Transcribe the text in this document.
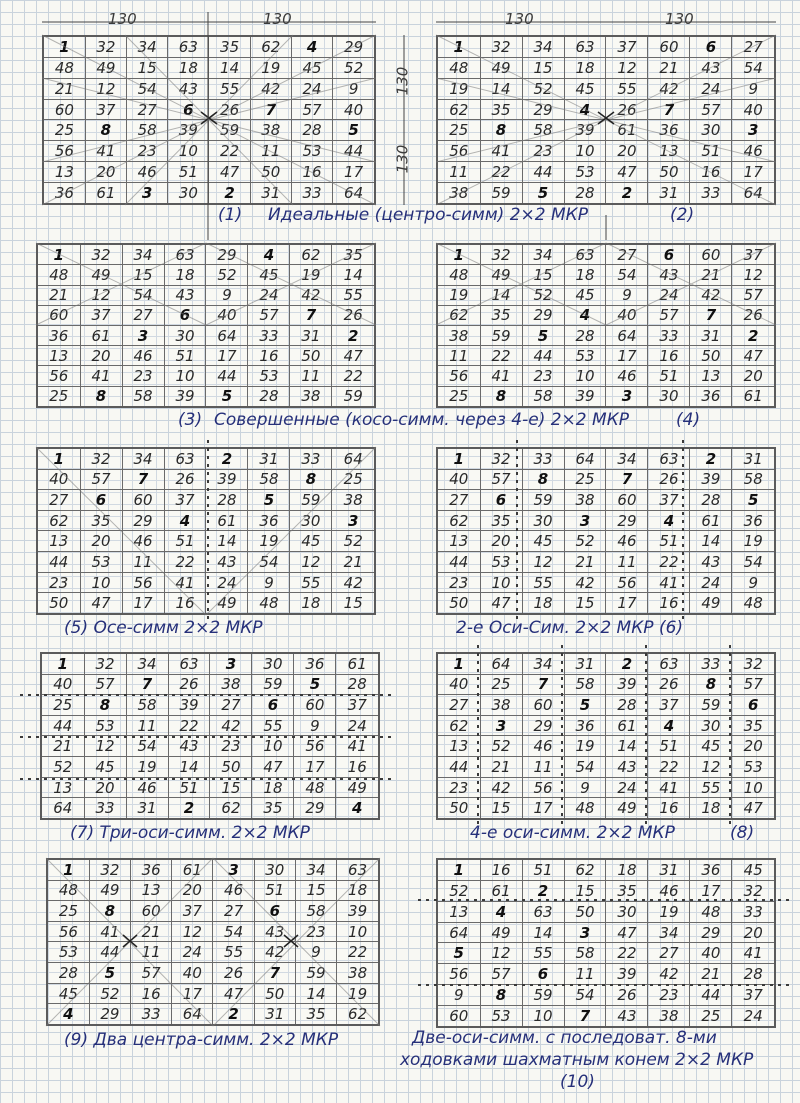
130	130	130	130
130
130
1	32	34	63	35	62	4	29
48	49	15	18	14	19	45	52
21	12	54	43	55	42	24	9
60	37	27	6	26	7	57	40
25	8	58	39	59	38	28	5
56	41	23	10	22	11	53	44
13	20	46	51	47	50	16	17
36	61	3	30	2	31	33	64
1	32	34	63	37	60	6	27
48	49	15	18	12	21	43	54
19	14	52	45	55	42	24	9
62	35	29	4	26	7	57	40
25	8	58	39	61	36	30	3
56	41	23	10	20	13	51	46
11	22	44	53	47	50	16	17
38	59	5	28	2	31	33	64
1	32	34	63	29	4	62	35
48	49	15	18	52	45	19	14
21	12	54	43	9	24	42	55
60	37	27	6	40	57	7	26
36	61	3	30	64	33	31	2
13	20	46	51	17	16	50	47
56	41	23	10	44	53	11	22
25	8	58	39	5	28	38	59
1	32	34	63	27	6	60	37
48	49	15	18	54	43	21	12
19	14	52	45	9	24	42	57
62	35	29	4	40	57	7	26
38	59	5	28	64	33	31	2
11	22	44	53	17	16	50	47
56	41	23	10	46	51	13	20
25	8	58	39	3	30	36	61
1	32	34	63	2	31	33	64
40	57	7	26	39	58	8	25
27	6	60	37	28	5	59	38
62	35	29	4	61	36	30	3
13	20	46	51	14	19	45	52
44	53	11	22	43	54	12	21
23	10	56	41	24	9	55	42
50	47	17	16	49	48	18	15
1	32	33	64	34	63	2	31
40	57	8	25	7	26	39	58
27	6	59	38	60	37	28	5
62	35	30	3	29	4	61	36
13	20	45	52	46	51	14	19
44	53	12	21	11	22	43	54
23	10	55	42	56	41	24	9
50	47	18	15	17	16	49	48
1	32	34	63	3	30	36	61
40	57	7	26	38	59	5	28
25	8	58	39	27	6	60	37
44	53	11	22	42	55	9	24
21	12	54	43	23	10	56	41
52	45	19	14	50	47	17	16
13	20	46	51	15	18	48	49
64	33	31	2	62	35	29	4
1	64	34	31	2	63	33	32
40	25	7	58	39	26	8	57
27	38	60	5	28	37	59	6
62	3	29	36	61	4	30	35
13	52	46	19	14	51	45	20
44	21	11	54	43	22	12	53
23	42	56	9	24	41	55	10
50	15	17	48	49	16	18	47
1	32	36	61	3	30	34	63
48	49	13	20	46	51	15	18
25	8	60	37	27	6	58	39
56	41	21	12	54	43	23	10
53	44	11	24	55	42	9	22
28	5	57	40	26	7	59	38
45	52	16	17	47	50	14	19
4	29	33	64	2	31	35	62
1	16	51	62	18	31	36	45
52	61	2	15	35	46	17	32
13	4	63	50	30	19	48	33
64	49	14	3	47	34	29	20
5	12	55	58	22	27	40	41
56	57	6	11	39	42	21	28
9	8	59	54	26	23	44	37
60	53	10	7	43	38	25	24
(1) Идеальные (центро-симм) 2×2 МКР	(2)
(3) Совершенные (косо-симм. через 4-е) 2×2 МКР	(4)
(5) Осе-симм 2×2 МКР	2-е Оси-Сим. 2×2 МКР (6)
(7) Три-оси-симм. 2×2 МКР	4-е оси-симм. 2×2 МКР	(8)
(9) Два центра-симм. 2×2 МКР	Две-оси-симм. с последоват. 8-ми
ходовками шахматным конем 2×2 МКР
(10)
